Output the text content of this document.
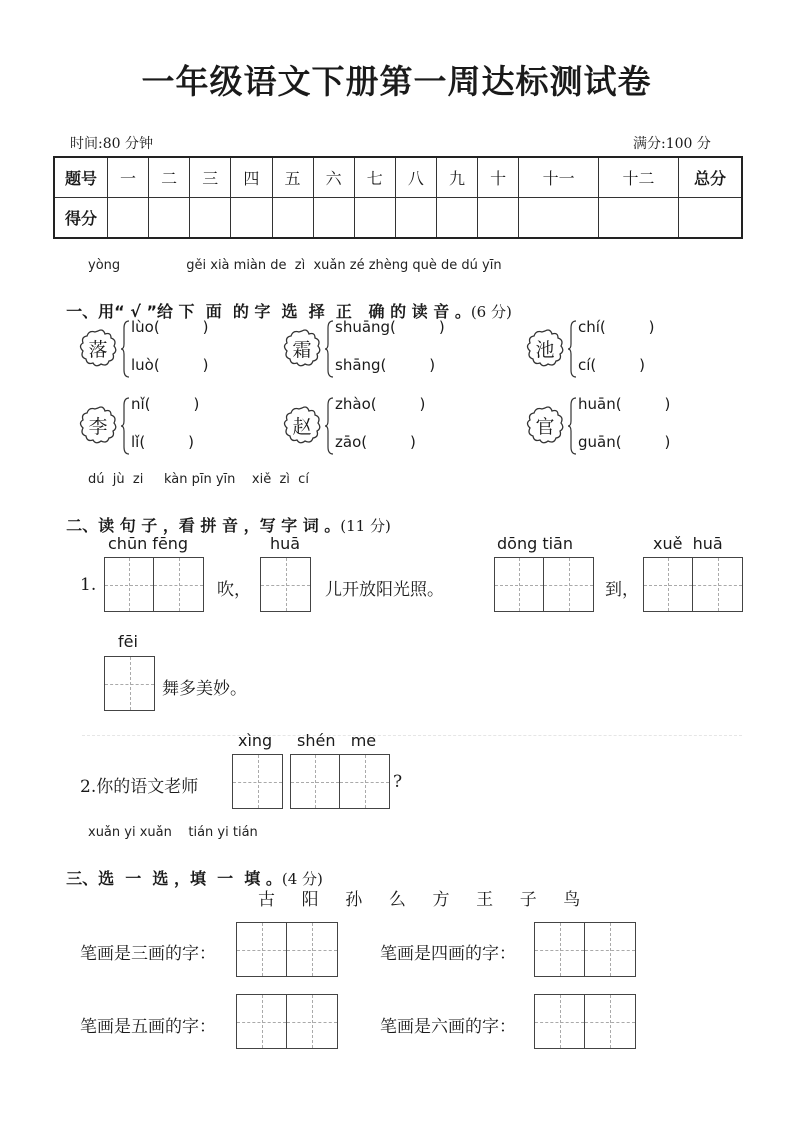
一年级语文下册第一周达标测试卷
时间:80 分钟	满分:100 分
题号	一	二	三	四	五	六	七	八	九	十	十一	十二	总分
得分													
yòng                gěi xià miàn de  zì  xuǎn zé zhèng què de dú yīn

一、用“ √ ”给 下  面  的 字  选  择  正   确 的 读 音 。(6 分)

落
lùo(         )
luò(         )
霜
shuāng(         )
shāng(         )
池
chí(         )
cí(         )
李
nǐ(         )
lǐ(         )
赵
zhào(         )
zāo(         )
官
huān(         )
guān(         )
dú  jù  zi     kàn pīn yīn    xiě  zì  cí

二、读 句 子 ，看 拼 音 ，写 字 词 。(11 分)

chūn fēng	huā	dōng tiān	xuě  huā
1.	吹，	儿开放阳光照。	到，
fēi
舞多美妙。
xìng shén   me
2.你的语文老师	?
xuǎn yi xuǎn    tián yi tián

三、选  一  选 ，填  一  填 。(4 分)

古    阳    孙    么    方    王    子    鸟
笔画是三画的字：	笔画是四画的字：
笔画是五画的字：	笔画是六画的字：
